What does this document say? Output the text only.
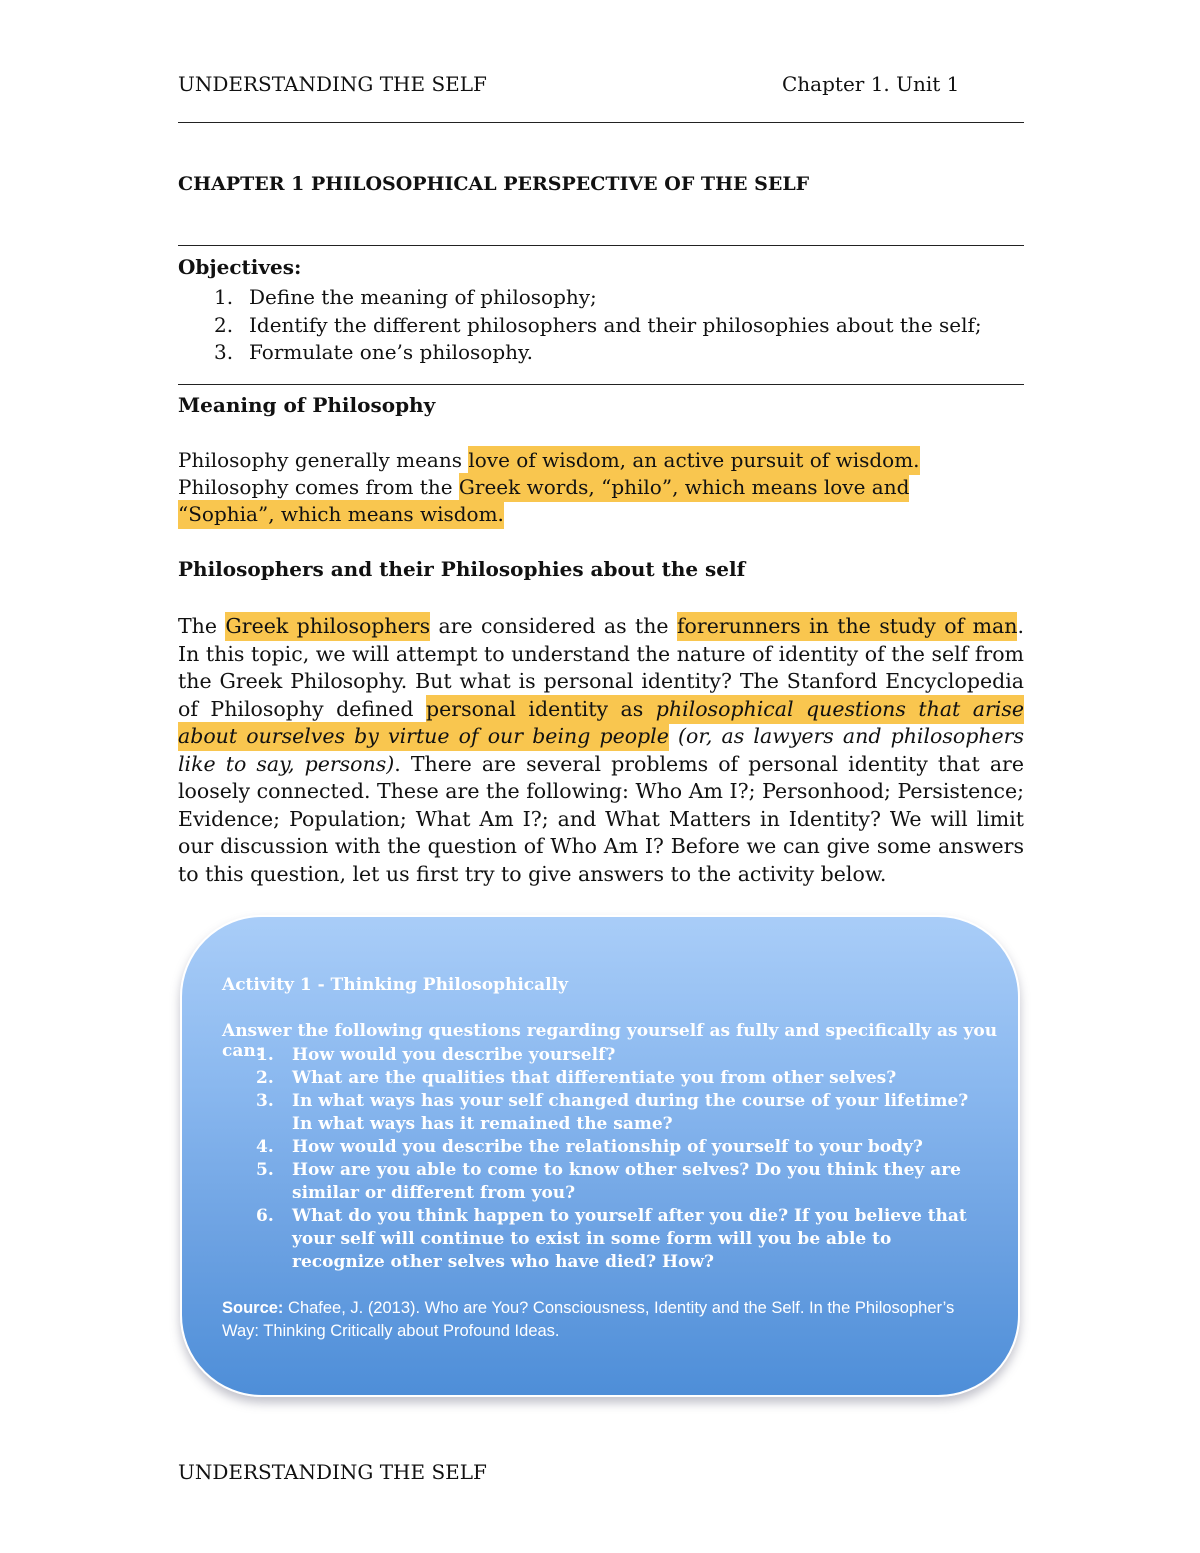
UNDERSTANDING THE SELF	Chapter 1. Unit 1
CHAPTER 1 PHILOSOPHICAL PERSPECTIVE OF THE SELF
Objectives:
1. Define the meaning of philosophy;
2. Identify the different philosophers and their philosophies about the self;
3. Formulate one’s philosophy.
Meaning of Philosophy
Philosophy generally means love of wisdom, an active pursuit of wisdom.
Philosophy comes from the Greek words, “philo”, which means love and “Sophia”, which means wisdom.
Philosophers and their Philosophies about the self
The Greek philosophers are considered as the forerunners in the study of man. In this topic, we will attempt to understand the nature of identity of the self from the Greek Philosophy. But what is personal identity? The Stanford Encyclopedia of Philosophy defined personal identity as philosophical questions that arise about ourselves by virtue of our being people (or, as lawyers and philosophers like to say, persons). There are several problems of personal identity that are loosely connected. These are the following: Who Am I?; Personhood; Persistence; Evidence; Population; What Am I?; and What Matters in Identity? We will limit our discussion with the question of Who Am I? Before we can give some answers to this question, let us first try to give answers to the activity below.
Activity 1 - Thinking Philosophically
Answer the following questions regarding yourself as fully and specifically as you can:
1. How would you describe yourself?
2. What are the qualities that differentiate you from other selves?
3. In what ways has your self changed during the course of your lifetime? In what ways has it remained the same?
4. How would you describe the relationship of yourself to your body?
5. How are you able to come to know other selves? Do you think they are similar or different from you?
6. What do you think happen to yourself after you die? If you believe that your self will continue to exist in some form will you be able to recognize other selves who have died? How?
Source: Chafee, J. (2013). Who are You? Consciousness, Identity and the Self. In the Philosopher’s Way: Thinking Critically about Profound Ideas.
UNDERSTANDING THE SELF
